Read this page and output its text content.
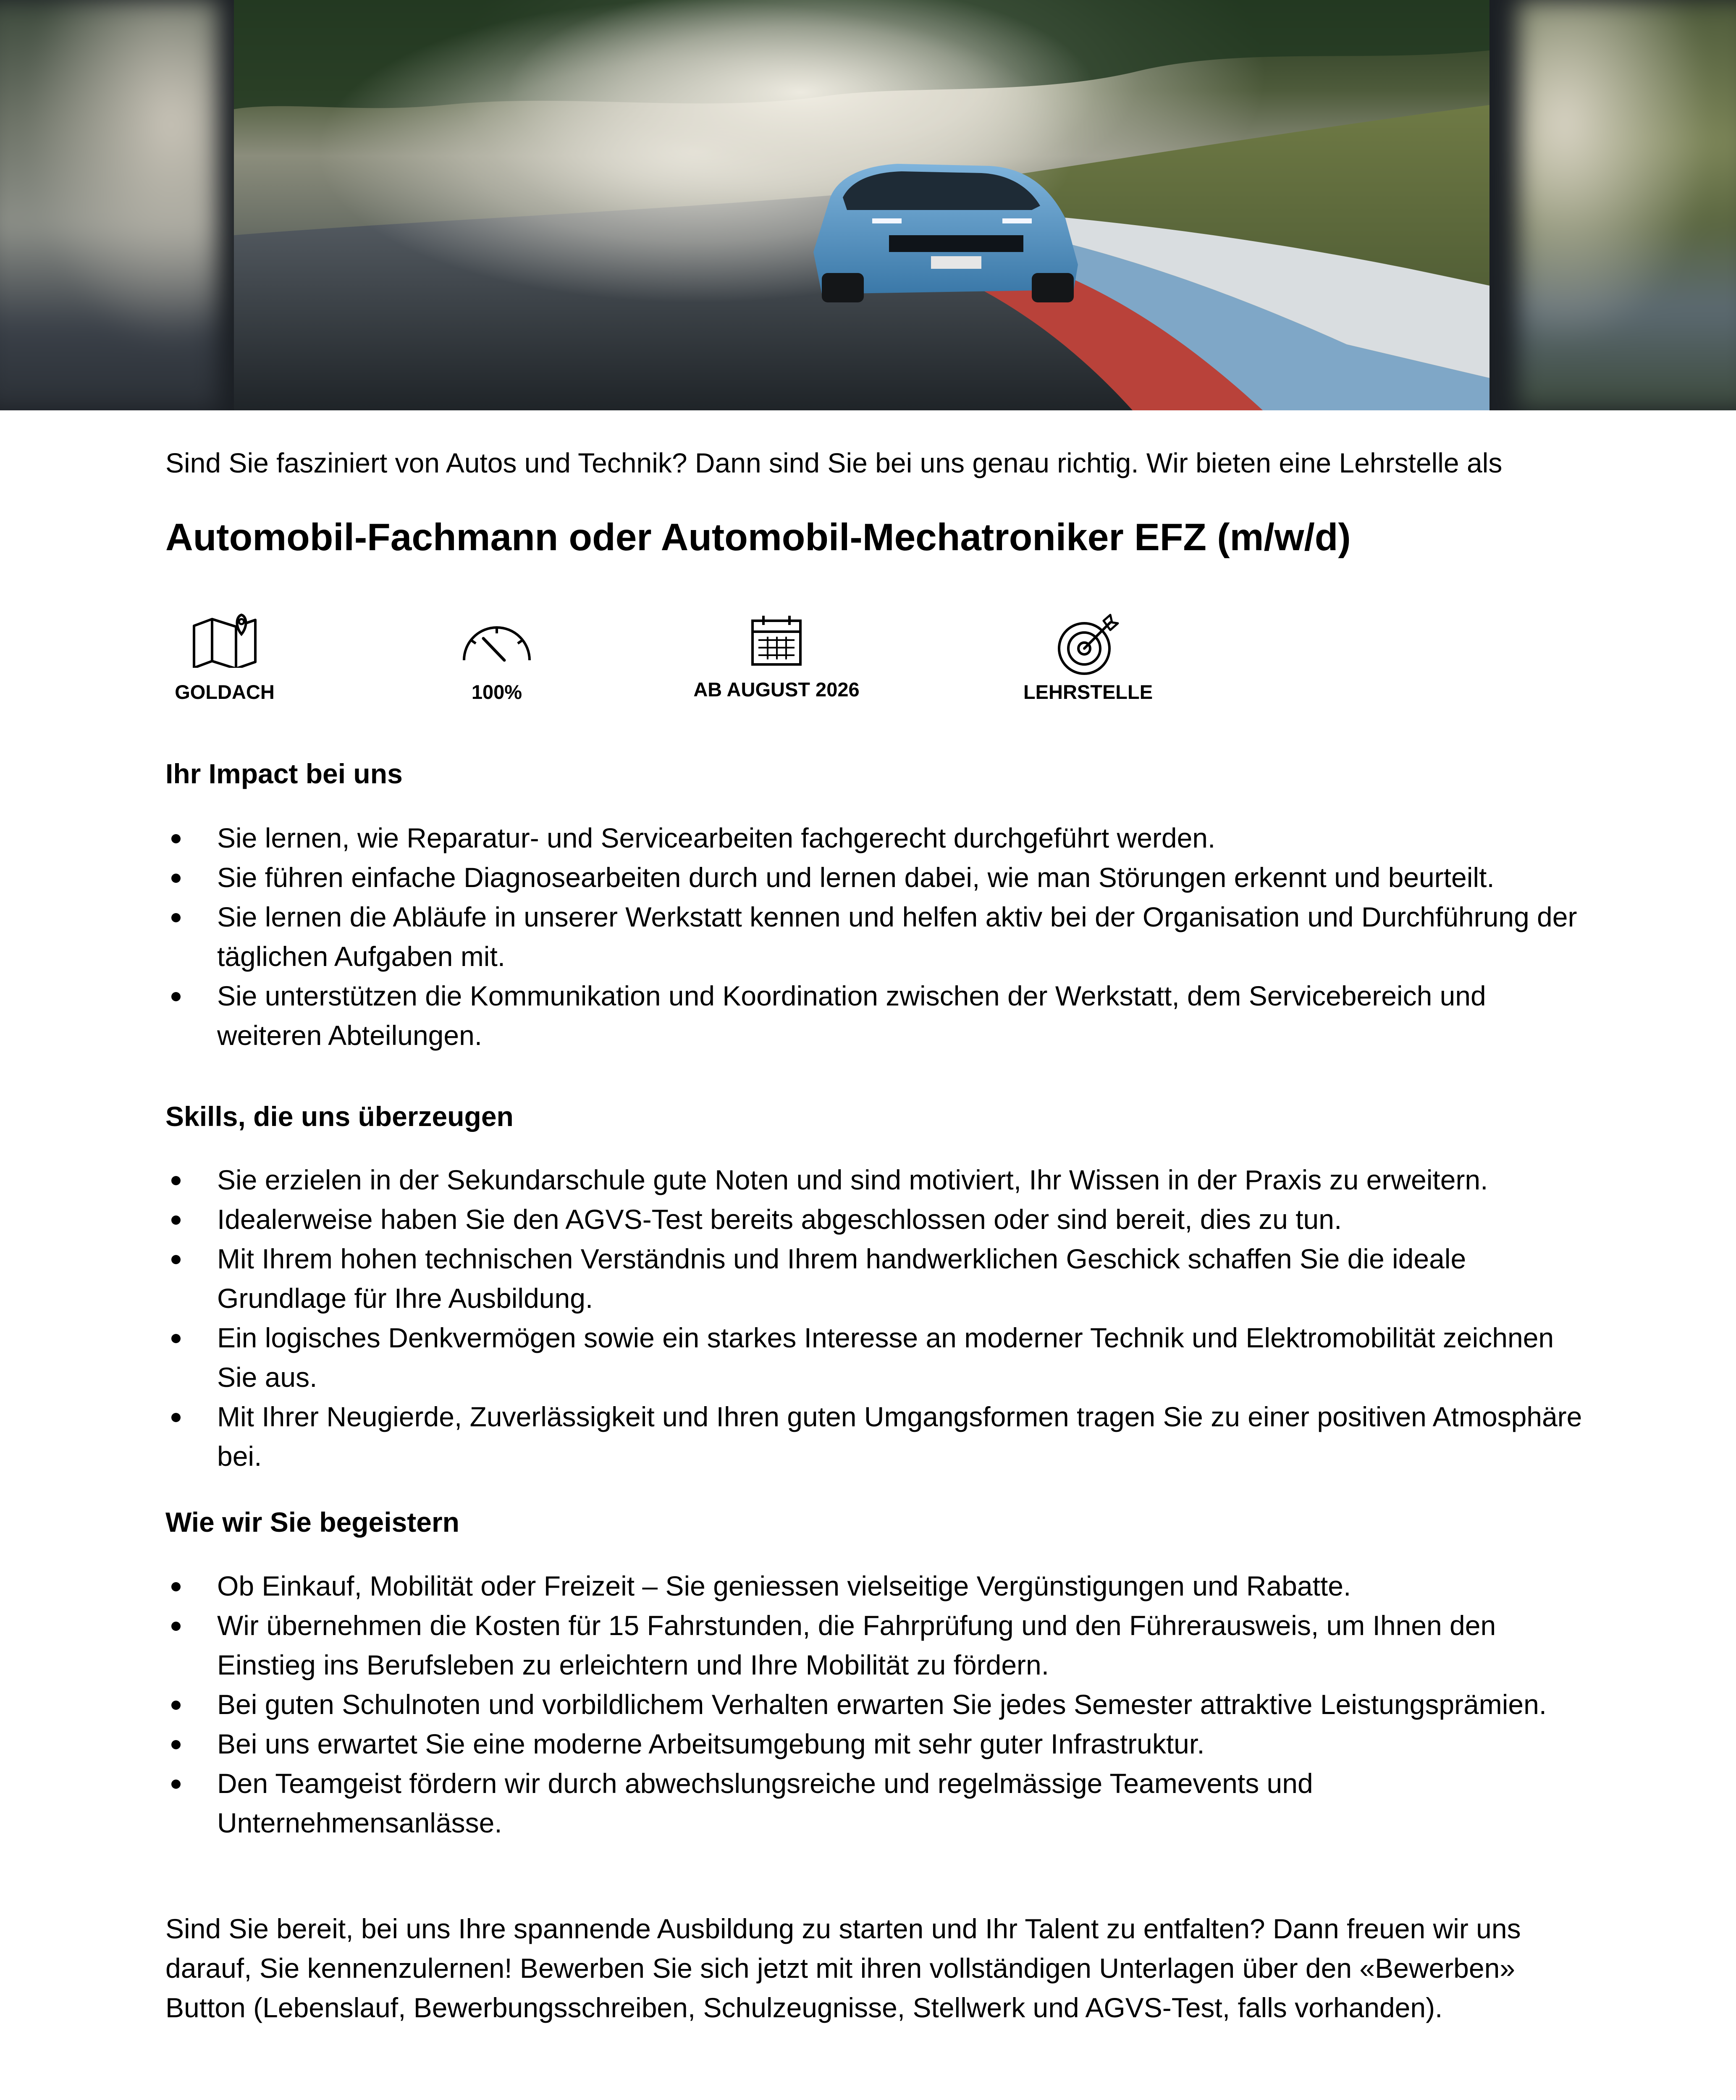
Sind Sie fasziniert von Autos und Technik? Dann sind Sie bei uns genau richtig. Wir bieten eine Lehrstelle als

Automobil-Fachmann oder Automobil-Mechatroniker EFZ (m/w/d)
GOLDACH	100%	AB AUGUST 2026	LEHRSTELLE
Ihr Impact bei uns
Sie lernen, wie Reparatur- und Servicearbeiten fachgerecht durchgeführt werden.
Sie führen einfache Diagnosearbeiten durch und lernen dabei, wie man Störungen erkennt und beurteilt.
Sie lernen die Abläufe in unserer Werkstatt kennen und helfen aktiv bei der Organisation und Durchführung der täglichen Aufgaben mit.
Sie unterstützen die Kommunikation und Koordination zwischen der Werkstatt, dem Servicebereich und weiteren Abteilungen.
Skills, die uns überzeugen
Sie erzielen in der Sekundarschule gute Noten und sind motiviert, Ihr Wissen in der Praxis zu erweitern.
Idealerweise haben Sie den AGVS-Test bereits abgeschlossen oder sind bereit, dies zu tun.
Mit Ihrem hohen technischen Verständnis und Ihrem handwerklichen Geschick schaffen Sie die ideale Grundlage für Ihre Ausbildung.
Ein logisches Denkvermögen sowie ein starkes Interesse an moderner Technik und Elektromobilität zeichnen Sie aus.
Mit Ihrer Neugierde, Zuverlässigkeit und Ihren guten Umgangsformen tragen Sie zu einer positiven Atmosphäre bei.
Wie wir Sie begeistern
Ob Einkauf, Mobilität oder Freizeit – Sie geniessen vielseitige Vergünstigungen und Rabatte.
Wir übernehmen die Kosten für 15 Fahrstunden, die Fahrprüfung und den Führerausweis, um Ihnen den Einstieg ins Berufsleben zu erleichtern und Ihre Mobilität zu fördern.
Bei guten Schulnoten und vorbildlichem Verhalten erwarten Sie jedes Semester attraktive Leistungsprämien.
Bei uns erwartet Sie eine moderne Arbeitsumgebung mit sehr guter Infrastruktur.
Den Teamgeist fördern wir durch abwechslungsreiche und regelmässige Teamevents und Unternehmensanlässe.

Sind Sie bereit, bei uns Ihre spannende Ausbildung zu starten und Ihr Talent zu entfalten? Dann freuen wir uns darauf, Sie kennenzulernen! Bewerben Sie sich jetzt mit ihren vollständigen Unterlagen über den «Bewerben» Button (Lebenslauf, Bewerbungsschreiben, Schulzeugnisse, Stellwerk und AGVS-Test, falls vorhanden).
